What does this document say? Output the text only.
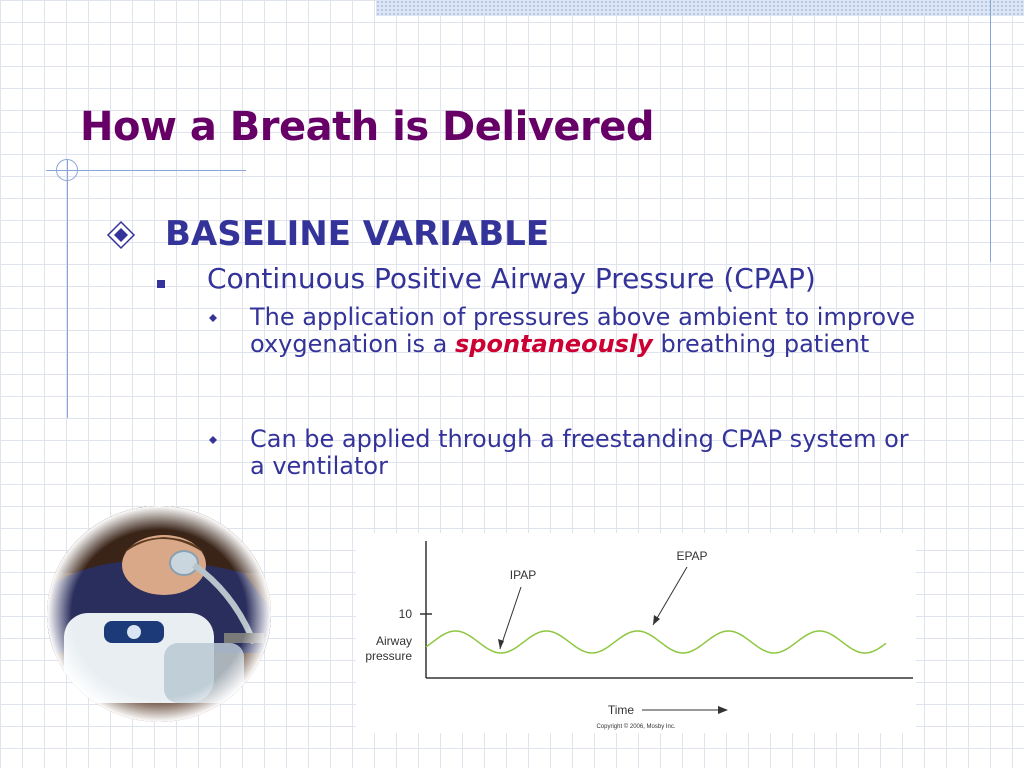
How a Breath is Delivered
BASELINE VARIABLE
Continuous Positive Airway Pressure (CPAP)
The application of pressures above ambient to improve oxygenation is a spontaneously breathing patient
Can be applied through a freestanding CPAP system or a ventilator
10
Airway
pressure
IPAP
EPAP
Time
Copyright © 2006, Mosby Inc.
